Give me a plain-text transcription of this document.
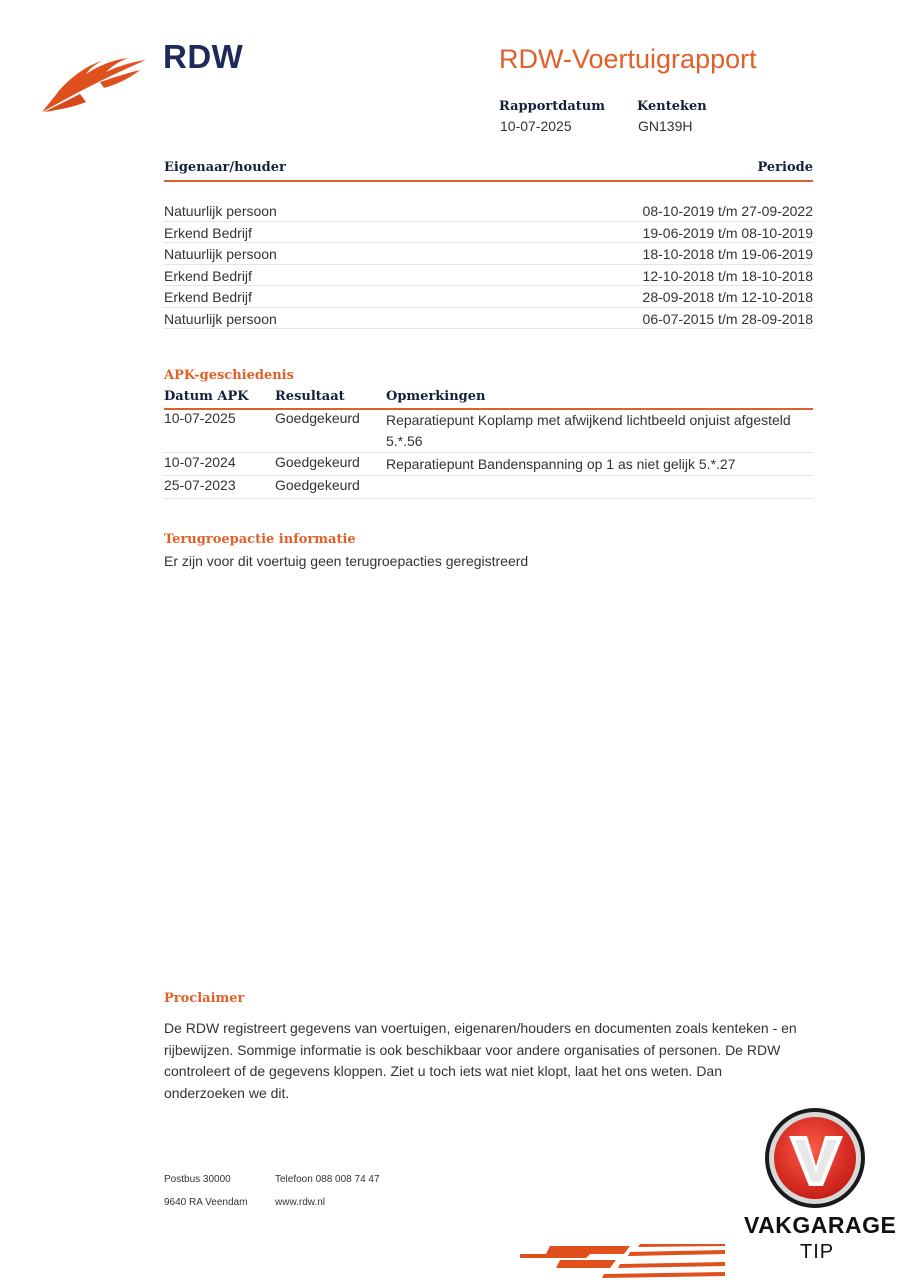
RDW	RDW-Voertuigrapport
Rapportdatum
10-07-2025
Kenteken
GN139H
Eigenaar/houder	Periode
Natuurlijk persoon	08-10-2019 t/m 27-09-2022
Erkend Bedrijf	19-06-2019 t/m 08-10-2019
Natuurlijk persoon	18-10-2018 t/m 19-06-2019
Erkend Bedrijf	12-10-2018 t/m 18-10-2018
Erkend Bedrijf	28-09-2018 t/m 12-10-2018
Natuurlijk persoon	06-07-2015 t/m 28-09-2018
APK-geschiedenis
Datum APK Resultaat	Opmerkingen
10-07-2025	Goedgekeurd Reparatiepunt Koplamp met afwijkend lichtbeeld onjuist afgesteld 5.*.56
10-07-2024	Goedgekeurd Reparatiepunt Bandenspanning op 1 as niet gelijk 5.*.27
25-07-2023	Goedgekeurd
Terugroepactie informatie
Er zijn voor dit voertuig geen terugroepacties geregistreerd
Proclaimer
De RDW registreert gegevens van voertuigen, eigenaren/houders en documenten zoals kenteken - en rijbewijzen. Sommige informatie is ook beschikbaar voor andere organisaties of personen. De RDW controleert of de gegevens kloppen. Ziet u toch iets wat niet klopt, laat het ons weten. Dan onderzoeken we dit.
Postbus 30000
9640 RA Veendam
Telefoon 088 008 74 47
www.rdw.nl
VAKGARAGE
TIP
